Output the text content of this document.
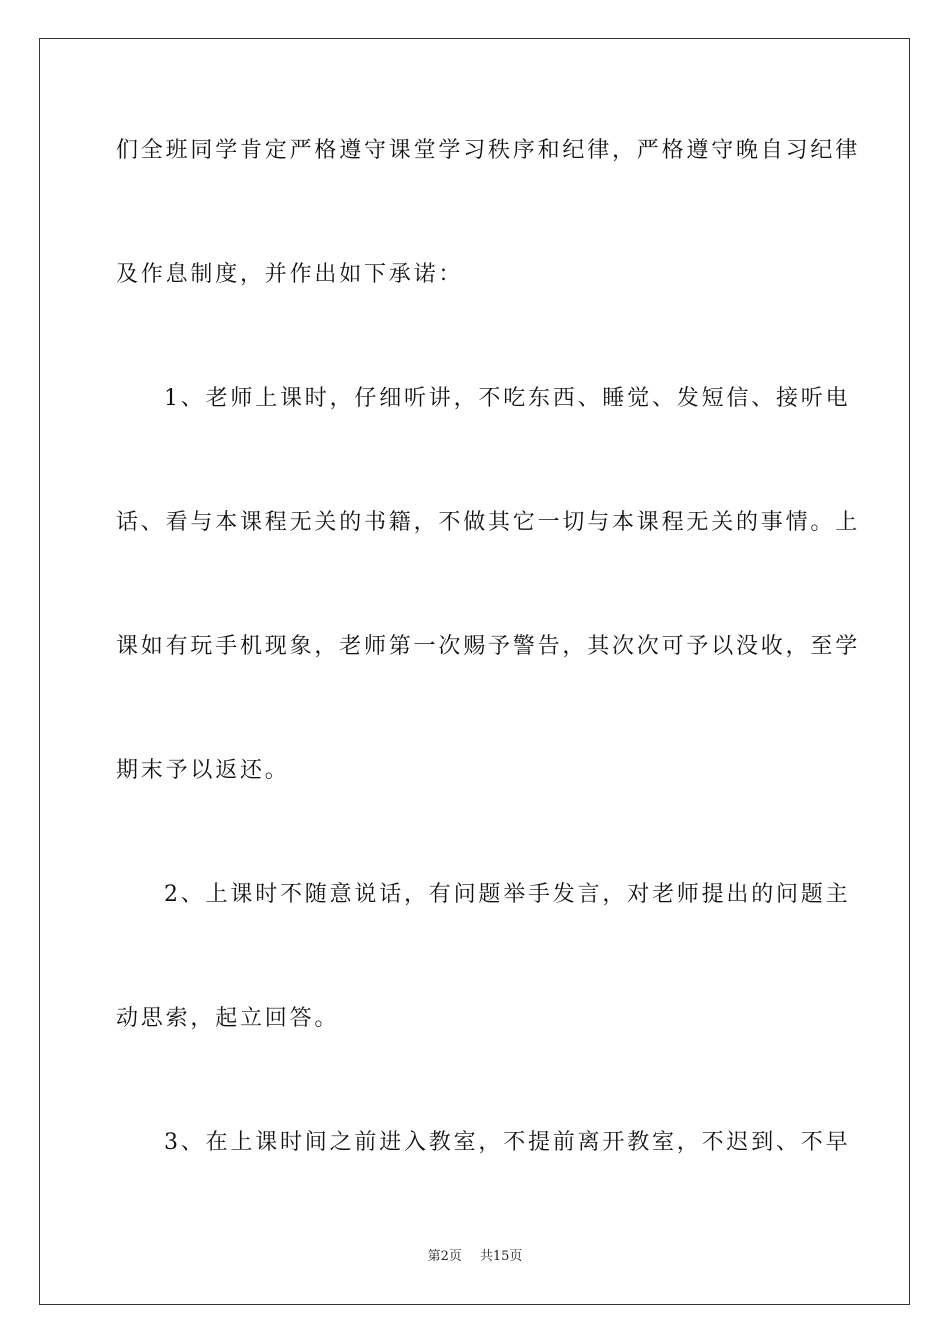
们全班同学肯定严格遵守课堂学习秩序和纪律，严格遵守晚自习纪律
及作息制度，并作出如下承诺：
1、老师上课时，仔细听讲，不吃东西、睡觉、发短信、接听电
话、看与本课程无关的书籍，不做其它一切与本课程无关的事情。上
课如有玩手机现象，老师第一次赐予警告，其次次可予以没收，至学
期末予以返还。
2、上课时不随意说话，有问题举手发言，对老师提出的问题主
动思索，起立回答。
3、在上课时间之前进入教室，不提前离开教室，不迟到、不早
第2页 共15页
